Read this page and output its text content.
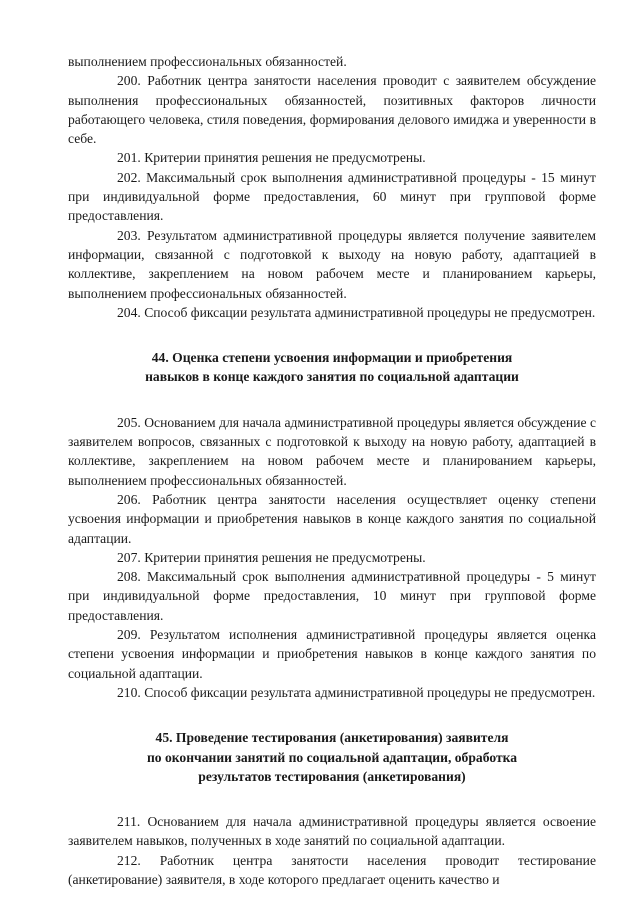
выполнением профессиональных обязанностей.

200. Работник центра занятости населения проводит с заявителем обсуждение выполнения профессиональных обязанностей, позитивных факторов личности работающего человека, стиля поведения, формирования делового имиджа и уверенности в себе.

201. Критерии принятия решения не предусмотрены.

202. Максимальный срок выполнения административной процедуры - 15 минут при индивидуальной форме предоставления, 60 минут при групповой форме предоставления.

203. Результатом административной процедуры является получение заявителем информации, связанной с подготовкой к выходу на новую работу, адаптацией в коллективе, закреплением на новом рабочем месте и планированием карьеры, выполнением профессиональных обязанностей.

204. Способ фиксации результата административной процедуры не предусмотрен.

44. Оценка степени усвоения информации и приобретения
навыков в конце каждого занятия по социальной адаптации

205. Основанием для начала административной процедуры является обсуждение с заявителем вопросов, связанных с подготовкой к выходу на новую работу, адаптацией в коллективе, закреплением на новом рабочем месте и планированием карьеры, выполнением профессиональных обязанностей.

206. Работник центра занятости населения осуществляет оценку степени усвоения информации и приобретения навыков в конце каждого занятия по социальной адаптации.

207. Критерии принятия решения не предусмотрены.

208. Максимальный срок выполнения административной процедуры - 5 минут при индивидуальной форме предоставления, 10 минут при групповой форме предоставления.

209. Результатом исполнения административной процедуры является оценка степени усвоения информации и приобретения навыков в конце каждого занятия по социальной адаптации.

210. Способ фиксации результата административной процедуры не предусмотрен.

45. Проведение тестирования (анкетирования) заявителя
по окончании занятий по социальной адаптации, обработка
результатов тестирования (анкетирования)

211. Основанием для начала административной процедуры является освоение заявителем навыков, полученных в ходе занятий по социальной адаптации.

212. Работник центра занятости населения проводит тестирование (анкетирование) заявителя, в ходе которого предлагает оценить качество и
